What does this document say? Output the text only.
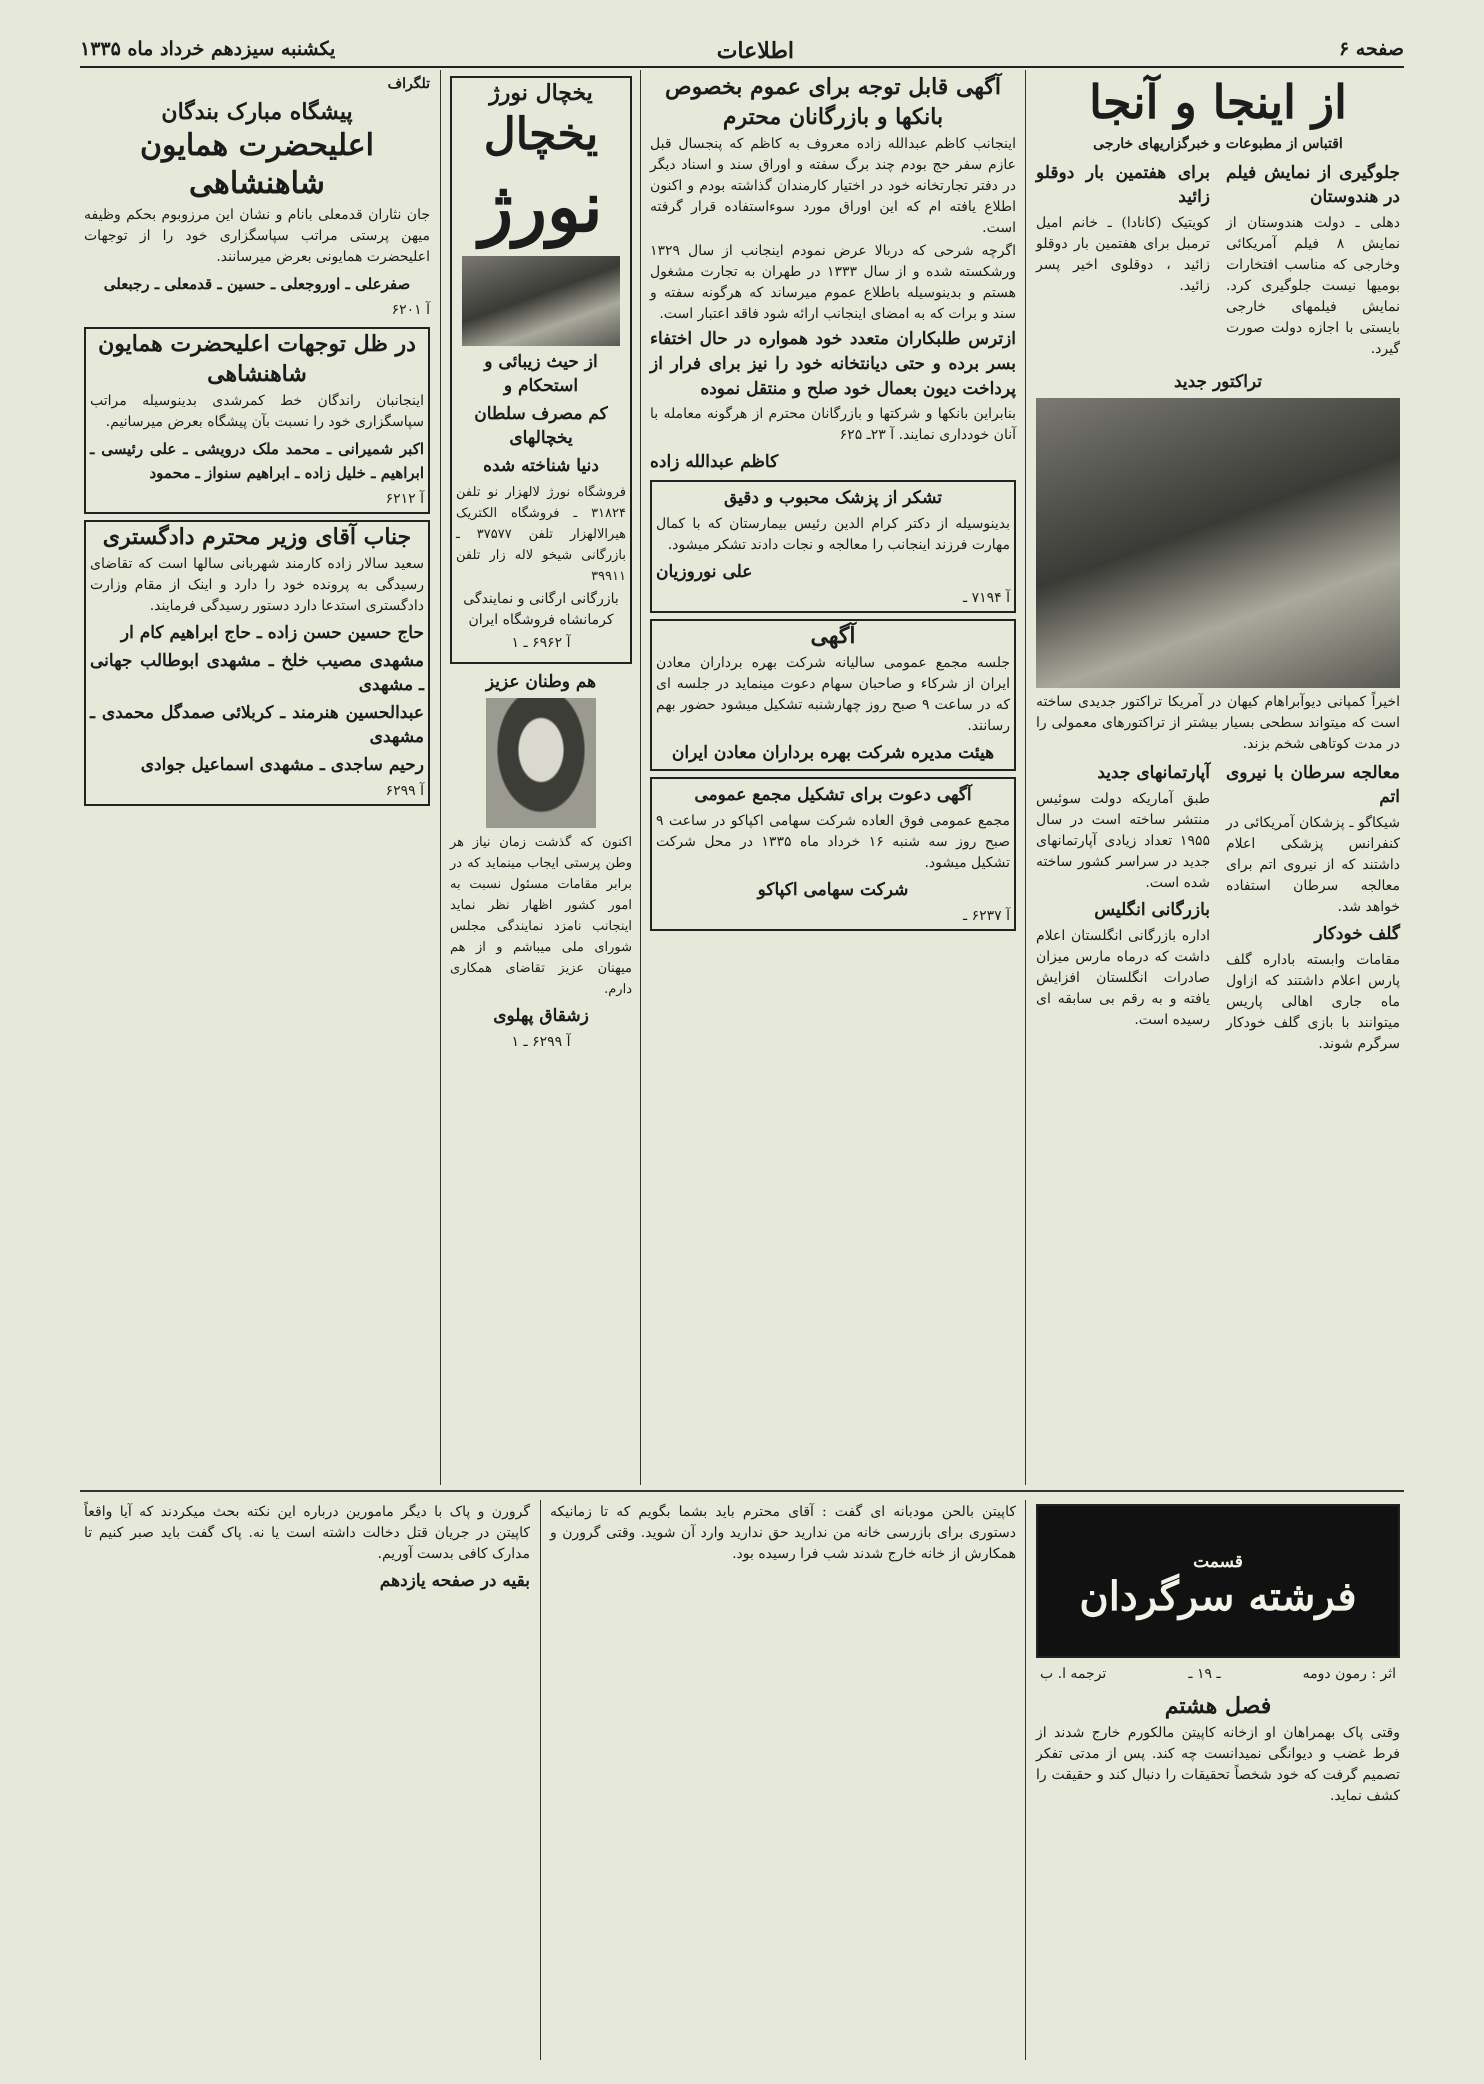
صفحه ۶
اطلاعات
یکشنبه سیزدهم خرداد ماه ۱۳۳۵
از اینجا و آنجا
اقتباس از مطبوعات و خبرگزاریهای خارجی
جلوگیری از نمایش فیلم در هندوستان
دهلی ـ دولت هندوستان از نمایش ۸ فیلم آمریکائی وخارجی که مناسب افتخارات بومیها نیست جلوگیری کرد. نمایش فیلمهای خارجی بایستی با اجازه دولت صورت گیرد.
برای هفتمین بار دوقلو زائید
کویتیک (کانادا) ـ خانم امیل ترمبل برای هفتمین بار دوقلو زائید ، دوقلوی اخیر پسر زائید.
تراکتور جدید
اخیراً کمپانی دیوآبراهام کیهان در آمریکا تراکتور جدیدی ساخته است که میتواند سطحی بسیار بیشتر از تراکتورهای معمولی را در مدت کوتاهی شخم بزند.
معالجه سرطان با نیروی اتم
شیکاگو ـ پزشکان آمریکائی در کنفرانس پزشکی اعلام داشتند که از نیروی اتم برای معالجه سرطان استفاده خواهد شد.
گلف خودکار
مقامات وابسته باداره گلف پارس اعلام داشتند که ازاول ماه جاری اهالی پاریس میتوانند با بازی گلف خودکار سرگرم شوند.
آپارتمانهای جدید
طبق آماریکه دولت سوئیس منتشر ساخته است در سال ۱۹۵۵ تعداد زیادی آپارتمانهای جدید در سراسر کشور ساخته شده است.
بازرگانی انگلیس
اداره بازرگانی انگلستان اعلام داشت که درماه مارس میزان صادرات انگلستان افزایش یافته و به رقم بی سابقه ای رسیده است.
آگهی قابل توجه برای عموم بخصوص
بانکها و بازرگانان محترم
اینجانب کاظم عبدالله زاده معروف به کاظم که پنجسال قبل عازم سفر حج بودم چند برگ سفته و اوراق سند و اسناد دیگر در دفتر تجارتخانه خود در اختیار کارمندان گذاشته بودم و اکنون اطلاع یافته ام که این اوراق مورد سوءاستفاده قرار گرفته است.
اگرچه شرحی که دربالا عرض نمودم اینجانب از سال ۱۳۲۹ ورشکسته شده و از سال ۱۳۳۳ در طهران به تجارت مشغول هستم و بدینوسیله باطلاع عموم میرساند که هرگونه سفته و سند و برات که به امضای اینجانب ارائه شود فاقد اعتبار است.
ازترس طلبکاران متعدد خود همواره در حال اختفاء بسر برده و حتی دیانتخانه خود را نیز برای فرار از پرداخت دیون بعمال خود صلح و منتقل نموده
بنابراین بانکها و شرکتها و بازرگانان محترم از هرگونه معامله با آنان خودداری نمایند. آ ۲۳ـ ۶۲۵
کاظم عبدالله زاده
تشکر از پزشک محبوب و دقیق
بدینوسیله از دکتر کرام الدین رئیس بیمارستان که با کمال مهارت فرزند اینجانب را معالجه و نجات دادند تشکر میشود.
علی نوروزیان
آ ۷۱۹۴ ـ
آگهی
جلسه مجمع عمومی سالیانه شرکت بهره برداران معادن ایران از شرکاء و صاحبان سهام دعوت مینماید در جلسه ای که در ساعت ۹ صبح روز چهارشنبه تشکیل میشود حضور بهم رسانند.
هیئت مدیره شرکت بهره برداران معادن ایران
آگهی دعوت برای تشکیل مجمع عمومی
مجمع عمومی فوق العاده شرکت سهامی اکپاکو در ساعت ۹ صبح روز سه شنبه ۱۶ خرداد ماه ۱۳۳۵ در محل شرکت تشکیل میشود.
شرکت سهامی اکپاکو
آ ۶۲۳۷ ـ
یخچال نورژ
یخچال
نورژ
از حیث زیبائی و استحکام و
کم مصرف سلطان یخچالهای
دنیا شناخته شده
فروشگاه نورژ لالهزار نو تلفن ۳۱۸۲۴ ـ فروشگاه الکتریک هیرالالهزار تلفن ۳۷۵۷۷ ـ بازرگانی شیخو لاله زار تلفن ۳۹۹۱۱
بازرگانی ارگانی و نمایندگی کرمانشاه فروشگاه ایران
آ ۶۹۶۲ ـ ۱
هم وطنان عزیز
اکنون که گذشت زمان نیاز هر وطن پرستی ایجاب مینماید که در برابر مقامات مسئول نسبت به امور کشور اظهار نظر نماید اینجانب نامزد نمایندگی مجلس شورای ملی میباشم و از هم میهنان عزیز تقاضای همکاری دارم.
زشقاق پهلوی
آ ۶۲۹۹ ـ ۱
تلگراف
پیشگاه مبارک بندگان
اعلیحضرت همایون شاهنشاهی
جان نثاران قدمعلی بانام و نشان این مرزوبوم بحکم وظیفه میهن پرستی مراتب سپاسگزاری خود را از توجهات اعلیحضرت همایونی بعرض میرسانند.
صفرعلی ـ اوروجعلی ـ حسین ـ قدمعلی ـ رجبعلی
آ ۶۲۰۱
در ظل توجهات اعلیحضرت همایون شاهنشاهی
اینجانبان راندگان خط کمرشدی بدینوسیله مراتب سپاسگزاری خود را نسبت بآن پیشگاه بعرض میرسانیم.
اکبر شمیرانی ـ محمد ملک درویشی ـ علی رئیسی ـ ابراهیم ـ خلیل زاده ـ ابراهیم سنواز ـ محمود
آ ۶۲۱۲
جناب آقای وزیر محترم دادگستری
سعید سالار زاده کارمند شهربانی سالها است که تقاضای رسیدگی به پرونده خود را دارد و اینک از مقام وزارت دادگستری استدعا دارد دستور رسیدگی فرمایند.
حاج حسین حسن زاده ـ حاج ابراهیم کام ار
مشهدی مصیب خلخ ـ مشهدی ابوطالب جهانی ـ مشهدی
عبدالحسین هنرمند ـ کربلائی صمدگل محمدی ـ مشهدی
رحیم ساجدی ـ مشهدی اسماعیل جوادی
آ ۶۲۹۹
قسمت
فرشته سرگردان
اثر : رمون دومه
ـ ۱۹ ـ
ترجمه ا. ب
فصل هشتم
وقتی پاک بهمراهان او ازخانه کاپیتن مالکورم خارج شدند از فرط غضب و دیوانگی نمیدانست چه کند. پس از مدتی تفکر تصمیم گرفت که خود شخصاً تحقیقات را دنبال کند و حقیقت را کشف نماید.
کاپیتن بالحن مودبانه ای گفت : آقای محترم باید بشما بگویم که تا زمانیکه دستوری برای بازرسی خانه من ندارید حق ندارید وارد آن شوید. وقتی گرورن و همکارش از خانه خارج شدند شب فرا رسیده بود.
گرورن و پاک با دیگر مامورین درباره این نکته بحث میکردند که آیا واقعاً کاپیتن در جریان قتل دخالت داشته است یا نه. پاک گفت باید صبر کنیم تا مدارک کافی بدست آوریم.
بقیه در صفحه یازدهم
